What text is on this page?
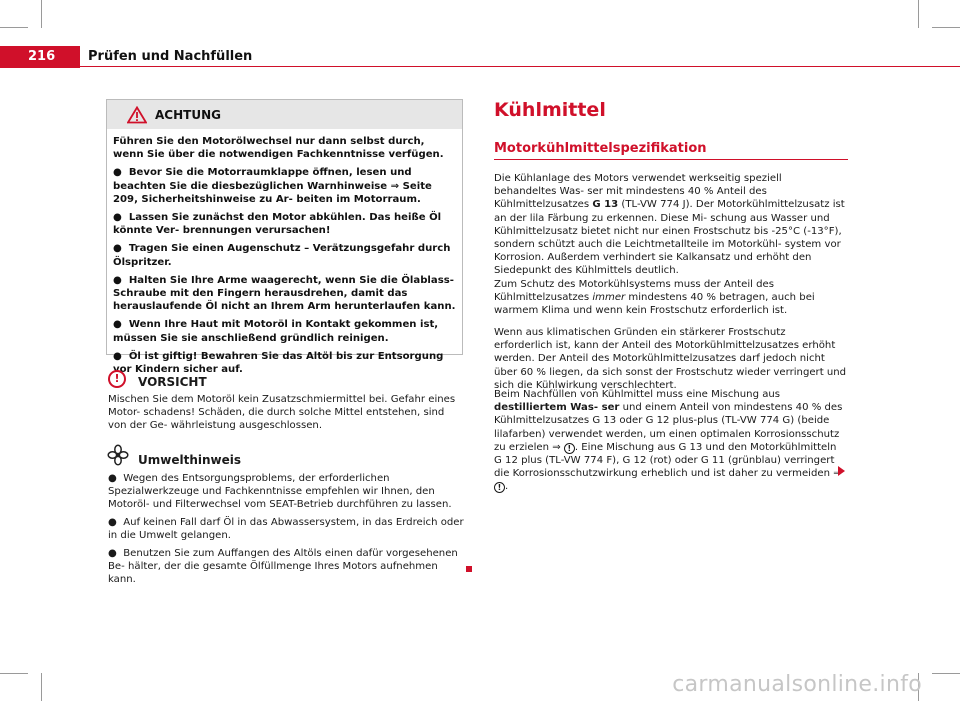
216	Prüfen und Nachfüllen
ACHTUNG

Führen Sie den Motorölwechsel nur dann selbst durch, wenn Sie über die notwendigen Fachkenntnisse verfügen.

●  Bevor Sie die Motorraumklappe öffnen, lesen und beachten Sie die diesbezüglichen Warnhinweise ⇒ Seite 209, Sicherheitshinweise zu Ar- beiten im Motorraum.

●  Lassen Sie zunächst den Motor abkühlen. Das heiße Öl könnte Ver- brennungen verursachen!

●  Tragen Sie einen Augenschutz – Verätzungsgefahr durch Ölspritzer.

●  Halten Sie Ihre Arme waagerecht, wenn Sie die Ölablass-Schraube mit den Fingern herausdrehen, damit das herauslaufende Öl nicht an Ihrem Arm herunterlaufen kann.

●  Wenn Ihre Haut mit Motoröl in Kontakt gekommen ist, müssen Sie sie anschließend gründlich reinigen.

●  Öl ist giftig! Bewahren Sie das Altöl bis zur Entsorgung vor Kindern sicher auf.

!	VORSICHT

Mischen Sie dem Motoröl kein Zusatzschmiermittel bei. Gefahr eines Motor- schadens! Schäden, die durch solche Mittel entstehen, sind von der Ge- währleistung ausgeschlossen.

Umwelthinweis

●  Wegen des Entsorgungsproblems, der erforderlichen Spezialwerkzeuge und Fachkenntnisse empfehlen wir Ihnen, den Motoröl- und Filterwechsel vom SEAT-Betrieb durchführen zu lassen.

●  Auf keinen Fall darf Öl in das Abwassersystem, in das Erdreich oder in die Umwelt gelangen.

●  Benutzen Sie zum Auffangen des Altöls einen dafür vorgesehenen Be- hälter, der die gesamte Ölfüllmenge Ihres Motors aufnehmen kann.

Kühlmittel
Motorkühlmittelspezifikation

Die Kühlanlage des Motors verwendet werkseitig speziell behandeltes Was- ser mit mindestens 40 % Anteil des Kühlmittelzusatzes G 13 (TL-VW 774 J). Der Motorkühlmittelzusatz ist an der lila Färbung zu erkennen. Diese Mi- schung aus Wasser und Kühlmittelzusatz bietet nicht nur einen Frostschutz bis -25°C (-13°F), sondern schützt auch die Leichtmetallteile im Motorkühl- system vor Korrosion. Außerdem verhindert sie Kalkansatz und erhöht den Siedepunkt des Kühlmittels deutlich.

Zum Schutz des Motorkühlsystems muss der Anteil des Kühlmittelzusatzes immer mindestens 40 % betragen, auch bei warmem Klima und wenn kein Frostschutz erforderlich ist.

Wenn aus klimatischen Gründen ein stärkerer Frostschutz erforderlich ist, kann der Anteil des Motorkühlmittelzusatzes erhöht werden. Der Anteil des Motorkühlmittelzusatzes darf jedoch nicht über 60 % liegen, da sich sonst der Frostschutz wieder verringert und sich die Kühlwirkung verschlechtert.

Beim Nachfüllen von Kühlmittel muss eine Mischung aus destilliertem Was- ser und einem Anteil von mindestens 40 % des Kühlmittelzusatzes G 13 oder G 12 plus-plus (TL-VW 774 G) (beide lilafarben) verwendet werden, um einen optimalen Korrosionsschutz zu erzielen ⇒ ! . Eine Mischung aus G 13 und den Motorkühlmitteln G 12 plus (TL-VW 774 F), G 12 (rot) oder G 11 (grünblau) verringert die Korrosionsschutzwirkung erheblich und ist daher zu vermeiden ⇒ ! .

carmanualsonline.info
